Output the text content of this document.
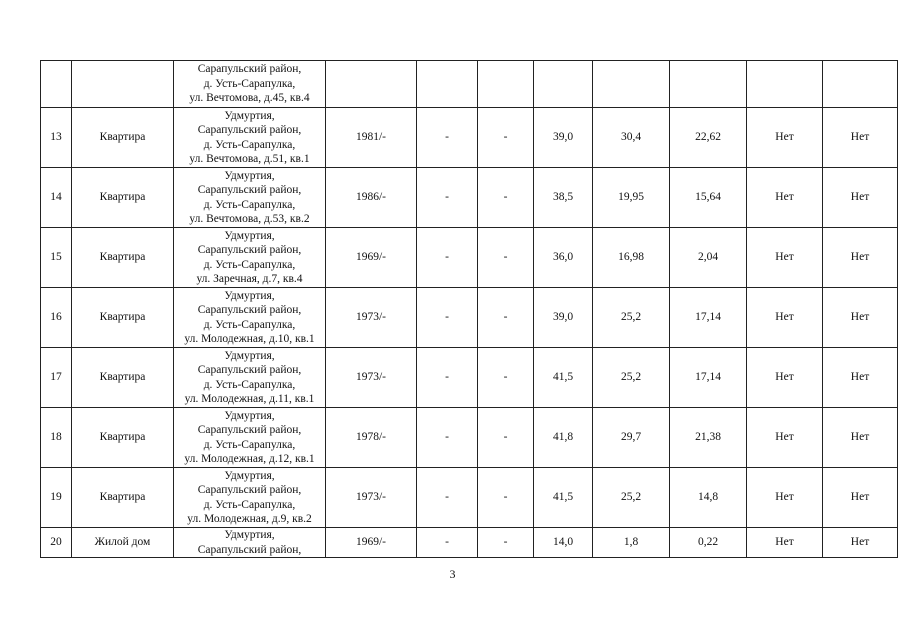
		Сарапульский район,
д. Усть-Сарапулка,
ул. Вечтомова, д.45, кв.4								

13	Квартира	Удмуртия,
Сарапульский район,
д. Усть-Сарапулка,
ул. Вечтомова, д.51, кв.1	1981/-	-	-	39,0	30,4	22,62	Нет	Нет
14	Квартира	Удмуртия,
Сарапульский район,
д. Усть-Сарапулка,
ул. Вечтомова, д.53, кв.2	1986/-	-	-	38,5	19,95	15,64	Нет	Нет
15	Квартира	Удмуртия,
Сарапульский район,
д. Усть-Сарапулка,
ул. Заречная, д.7, кв.4	1969/-	-	-	36,0	16,98	2,04	Нет	Нет
16	Квартира	Удмуртия,
Сарапульский район,
д. Усть-Сарапулка,
ул. Молодежная, д.10, кв.1	1973/-	-	-	39,0	25,2	17,14	Нет	Нет
17	Квартира	Удмуртия,
Сарапульский район,
д. Усть-Сарапулка,
ул. Молодежная, д.11, кв.1	1973/-	-	-	41,5	25,2	17,14	Нет	Нет
18	Квартира	Удмуртия,
Сарапульский район,
д. Усть-Сарапулка,
ул. Молодежная, д.12, кв.1	1978/-	-	-	41,8	29,7	21,38	Нет	Нет
19	Квартира	Удмуртия,
Сарапульский район,
д. Усть-Сарапулка,
ул. Молодежная, д.9, кв.2	1973/-	-	-	41,5	25,2	14,8	Нет	Нет
20	Жилой дом	Удмуртия,
Сарапульский район,	1969/-	-	-	14,0	1,8	0,22	Нет	Нет
3
